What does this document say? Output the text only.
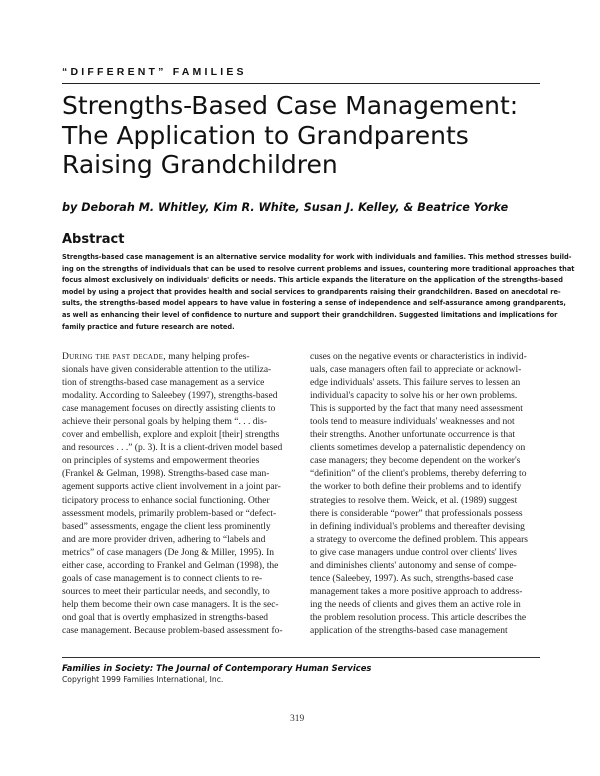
“DIFFERENT” FAMILIES
Strengths-Based Case Management:
The Application to Grandparents
Raising Grandchildren
by Deborah M. Whitley, Kim R. White, Susan J. Kelley, & Beatrice Yorke
Abstract
Strengths-based case management is an alternative service modality for work with individuals and families. This method stresses build-
ing on the strengths of individuals that can be used to resolve current problems and issues, countering more traditional approaches that
focus almost exclusively on individuals' deficits or needs. This article expands the literature on the application of the strengths-based
model by using a project that provides health and social services to grandparents raising their grandchildren. Based on anecdotal re-
sults, the strengths-based model appears to have value in fostering a sense of independence and self-assurance among grandparents,
as well as enhancing their level of confidence to nurture and support their grandchildren. Suggested limitations and implications for
family practice and future research are noted.
During the past decade, many helping profes-
sionals have given considerable attention to the utiliza-
tion of strengths-based case management as a service
modality. According to Saleebey (1997), strengths-based
case management focuses on directly assisting clients to
achieve their personal goals by helping them “. . . dis-
cover and embellish, explore and exploit [their] strengths
and resources . . .” (p. 3). It is a client-driven model based
on principles of systems and empowerment theories
(Frankel & Gelman, 1998). Strengths-based case man-
agement supports active client involvement in a joint par-
ticipatory process to enhance social functioning. Other
assessment models, primarily problem-based or “defect-
based” assessments, engage the client less prominently
and are more provider driven, adhering to “labels and
metrics” of case managers (De Jong & Miller, 1995). In
either case, according to Frankel and Gelman (1998), the
goals of case management is to connect clients to re-
sources to meet their particular needs, and secondly, to
help them become their own case managers. It is the sec-
ond goal that is overtly emphasized in strengths-based
case management. Because problem-based assessment fo-
cuses on the negative events or characteristics in individ-
uals, case managers often fail to appreciate or acknowl-
edge individuals' assets. This failure serves to lessen an
individual's capacity to solve his or her own problems.
This is supported by the fact that many need assessment
tools tend to measure individuals' weaknesses and not
their strengths. Another unfortunate occurrence is that
clients sometimes develop a paternalistic dependency on
case managers; they become dependent on the worker's
“definition” of the client's problems, thereby deferring to
the worker to both define their problems and to identify
strategies to resolve them. Weick, et al. (1989) suggest
there is considerable “power” that professionals possess
in defining individual's problems and thereafter devising
a strategy to overcome the defined problem. This appears
to give case managers undue control over clients' lives
and diminishes clients' autonomy and sense of compe-
tence (Saleebey, 1997). As such, strengths-based case
management takes a more positive approach to address-
ing the needs of clients and gives them an active role in
the problem resolution process. This article describes the
application of the strengths-based case management
Families in Society: The Journal of Contemporary Human Services
Copyright 1999 Families International, Inc.
319
